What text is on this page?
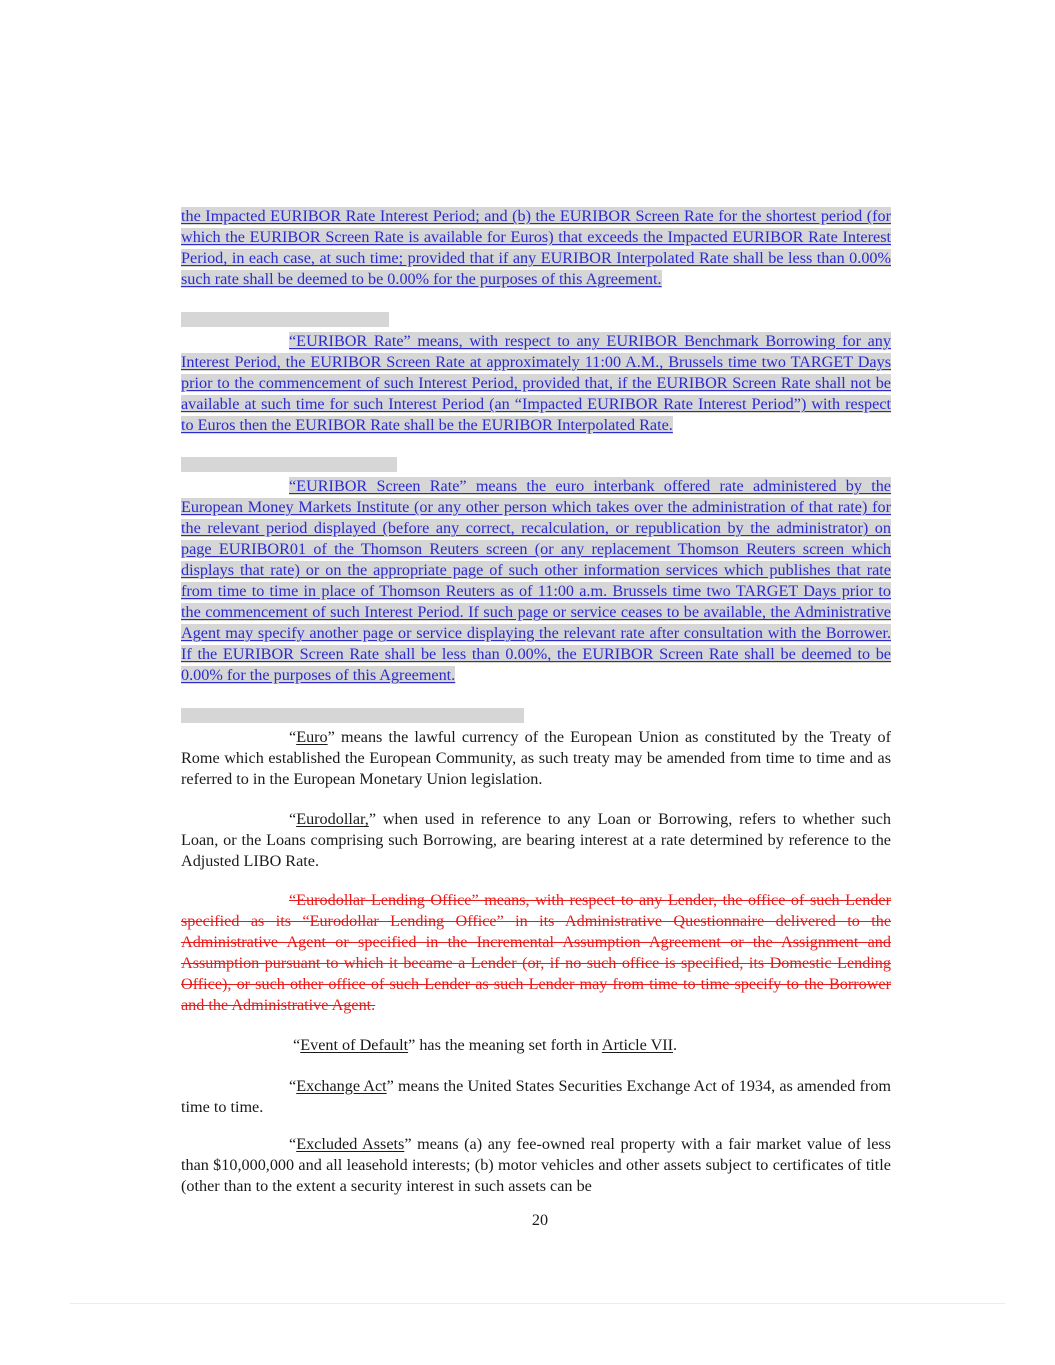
the Impacted EURIBOR Rate Interest Period; and (b) the EURIBOR Screen Rate for the shortest period (for which the EURIBOR Screen Rate is available for Euros) that exceeds the Impacted EURIBOR Rate Interest Period, in each case, at such time; provided that if any EURIBOR Interpolated Rate shall be less than 0.00% such rate shall be deemed to be 0.00% for the purposes of this Agreement.

“EURIBOR Rate” means, with respect to any EURIBOR Benchmark Borrowing for any Interest Period, the EURIBOR Screen Rate at approximately 11:00 A.M., Brussels time two TARGET Days prior to the commencement of such Interest Period, provided that, if the EURIBOR Screen Rate shall not be available at such time for such Interest Period (an “Impacted EURIBOR Rate Interest Period”) with respect to Euros then the EURIBOR Rate shall be the EURIBOR Interpolated Rate.

“EURIBOR Screen Rate” means the euro interbank offered rate administered by the European Money Markets Institute (or any other person which takes over the administration of that rate) for the relevant period displayed (before any correct, recalculation, or republication by the administrator) on page EURIBOR01 of the Thomson Reuters screen (or any replacement Thomson Reuters screen which displays that rate) or on the appropriate page of such other information services which publishes that rate from time to time in place of Thomson Reuters as of 11:00 a.m. Brussels time two TARGET Days prior to the commencement of such Interest Period. If such page or service ceases to be available, the Administrative Agent may specify another page or service displaying the relevant rate after consultation with the Borrower. If the EURIBOR Screen Rate shall be less than 0.00%, the EURIBOR Screen Rate shall be deemed to be 0.00% for the purposes of this Agreement.

“Euro” means the lawful currency of the European Union as constituted by the Treaty of Rome which established the European Community, as such treaty may be amended from time to time and as referred to in the European Monetary Union legislation.

“Eurodollar,” when used in reference to any Loan or Borrowing, refers to whether such Loan, or the Loans comprising such Borrowing, are bearing interest at a rate determined by reference to the Adjusted LIBO Rate.

“Eurodollar Lending Office” means, with respect to any Lender, the office of such Lender specified as its “Eurodollar Lending Office” in its Administrative Questionnaire delivered to the Administrative Agent or specified in the Incremental Assumption Agreement or the Assignment and Assumption pursuant to which it became a Lender (or, if no such office is specified, its Domestic Lending Office), or such other office of such Lender as such Lender may from time to time specify to the Borrower and the Administrative Agent.

“Event of Default” has the meaning set forth in Article VII.

“Exchange Act” means the United States Securities Exchange Act of 1934, as amended from time to time.

“Excluded Assets” means (a) any fee-owned real property with a fair market value of less than $10,000,000 and all leasehold interests; (b) motor vehicles and other assets subject to certificates of title (other than to the extent a security interest in such assets can be

20
